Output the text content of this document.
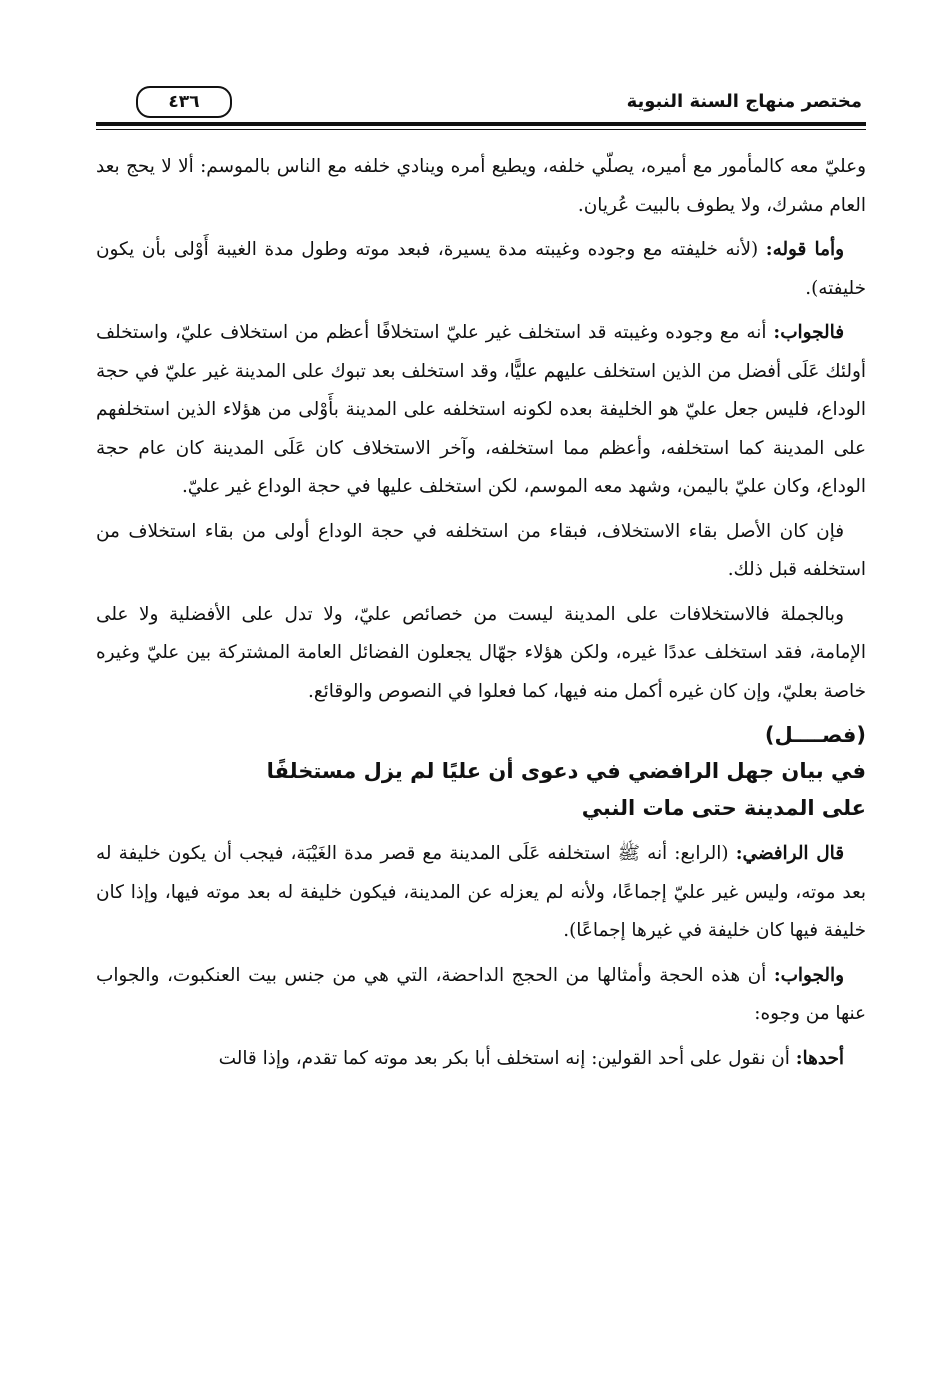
مختصر منهاج السنة النبوية
٤٣٦

وعليّ معه كالمأمور مع أميره، يصلّي خلفه، ويطيع أمره وينادي خلفه مع الناس بالموسم: ألا لا يحج بعد العام مشرك، ولا يطوف بالبيت عُريان.

وأما قوله: (لأنه خليفته مع وجوده وغيبته مدة يسيرة، فبعد موته وطول مدة الغيبة أَوْلى بأن يكون خليفته).

فالجواب: أنه مع وجوده وغيبته قد استخلف غير عليّ استخلافًا أعظم من استخلاف عليّ، واستخلف أولئك عَلَى أفضل من الذين استخلف عليهم عليًّا، وقد استخلف بعد تبوك على المدينة غير عليّ في حجة الوداع، فليس جعل عليّ هو الخليفة بعده لكونه استخلفه على المدينة بأَوْلى من هؤلاء الذين استخلفهم على المدينة كما استخلفه، وأعظم مما استخلفه، وآخر الاستخلاف كان عَلَى المدينة كان عام حجة الوداع، وكان عليّ باليمن، وشهد معه الموسم، لكن استخلف عليها في حجة الوداع غير عليّ.

فإن كان الأصل بقاء الاستخلاف، فبقاء من استخلفه في حجة الوداع أولى من بقاء استخلاف من استخلفه قبل ذلك.

وبالجملة فالاستخلافات على المدينة ليست من خصائص عليّ، ولا تدل على الأفضلية ولا على الإمامة، فقد استخلف عددًا غيره، ولكن هؤلاء جهّال يجعلون الفضائل العامة المشتركة بين عليّ وغيره خاصة بعليّ، وإن كان غيره أكمل منه فيها، كما فعلوا في النصوص والوقائع.

(فصــــل)
في بيان جهل الرافضي في دعوى أن عليًا لم يزل مستخلفًا
على المدينة حتى مات النبي

قال الرافضي: (الرابع: أنه ﷺ استخلفه عَلَى المدينة مع قصر مدة الغَيْبَة، فيجب أن يكون خليفة له بعد موته، وليس غير عليّ إجماعًا، ولأنه لم يعزله عن المدينة، فيكون خليفة له بعد موته فيها، وإذا كان خليفة فيها كان خليفة في غيرها إجماعًا).

والجواب: أن هذه الحجة وأمثالها من الحجج الداحضة، التي هي من جنس بيت العنكبوت، والجواب عنها من وجوه:

أحدها: أن نقول على أحد القولين: إنه استخلف أبا بكر بعد موته كما تقدم، وإذا قالت
